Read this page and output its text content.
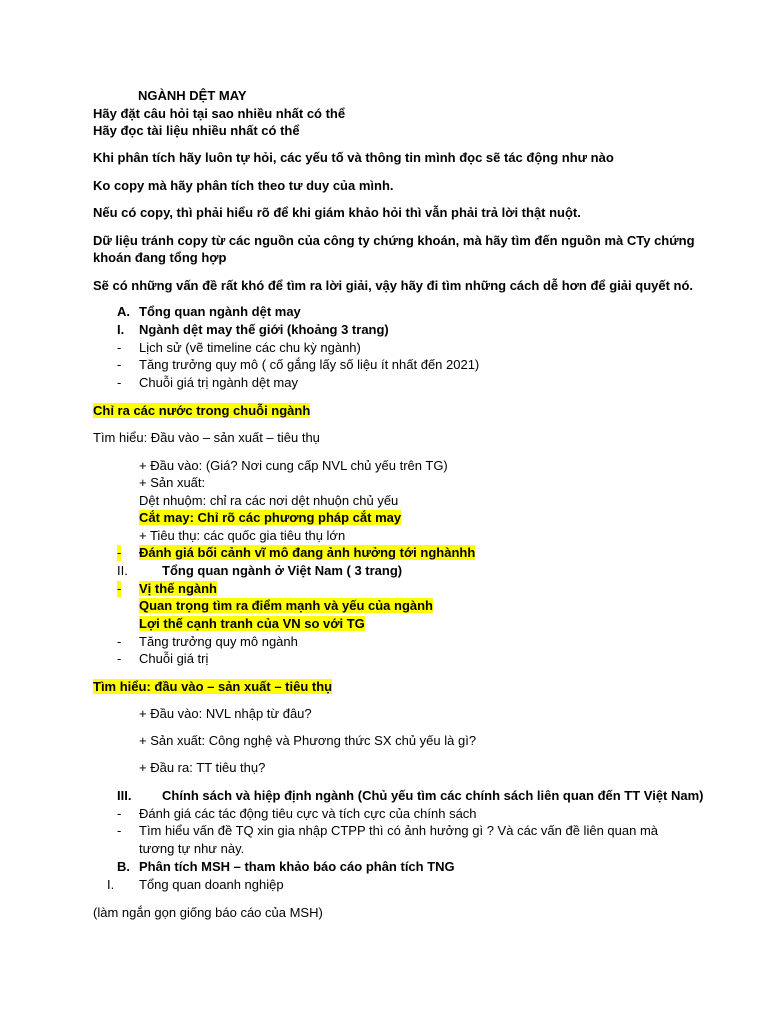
NGÀNH DỆT MAY
Hãy đặt câu hỏi tại sao nhiều nhất có thể
Hãy đọc tài liệu nhiều nhất có thể
Khi phân tích hãy luôn tự hỏi, các yếu tố và thông tin mình đọc sẽ tác động như nào
Ko copy mà hãy phân tích theo tư duy của mình.
Nếu có copy, thì phải hiểu rõ để khi giám khảo hỏi thì vẫn phải trả lời thật nuột.
Dữ liệu tránh copy từ các nguồn của công ty chứng khoán, mà hãy tìm đến nguồn mà CTy chứng
khoán đang tổng hợp
Sẽ có những vấn đề rất khó để tìm ra lời giải, vậy hãy đi tìm những cách dễ hơn để giải quyết nó.
A. Tổng quan ngành dệt may
I. Ngành dệt may thế giới (khoảng 3 trang)
- Lịch sử (vẽ timeline các chu kỳ ngành)
- Tăng trưởng quy mô ( cố gắng lấy số liệu ít nhất đến 2021)
- Chuỗi giá trị ngành dệt may
Chỉ ra các nước trong chuỗi ngành
Tìm hiểu: Đầu vào – sản xuất – tiêu thụ
+ Đầu vào: (Giá? Nơi cung cấp NVL chủ yếu trên TG)
+ Sản xuất:
Dệt nhuộm: chỉ ra các nơi dệt nhuộn chủ yếu
Cắt may: Chỉ rõ các phương pháp cắt may
+ Tiêu thụ: các quốc gia tiêu thụ lớn
- Đánh giá bối cảnh vĩ mô đang ảnh hưởng tới nghànhh
II.	Tổng quan ngành ở Việt Nam ( 3 trang)
- Vị thế ngành
Quan trọng tìm ra điểm mạnh và yếu của ngành
Lợi thế cạnh tranh của VN so với TG
- Tăng trưởng quy mô ngành
- Chuỗi giá trị
Tìm hiểu: đầu vào – sản xuất – tiêu thụ
+ Đầu vào: NVL nhập từ đâu?
+ Sản xuất: Công nghệ và Phương thức SX chủ yếu là gì?
+ Đầu ra: TT tiêu thụ?
III. Chính sách và hiệp định ngành (Chủ yếu tìm các chính sách liên quan đến TT Việt Nam)
- Đánh giá các tác động tiêu cực và tích cực của chính sách
- Tìm hiểu vấn đề TQ xin gia nhập CTPP thì có ảnh hưởng gì ? Và các vấn đề liên quan mà
tương tự như này.
B. Phân tích MSH – tham khảo báo cáo phân tích TNG
I. Tổng quan doanh nghiệp
(làm ngắn gọn giống báo cáo của MSH)
